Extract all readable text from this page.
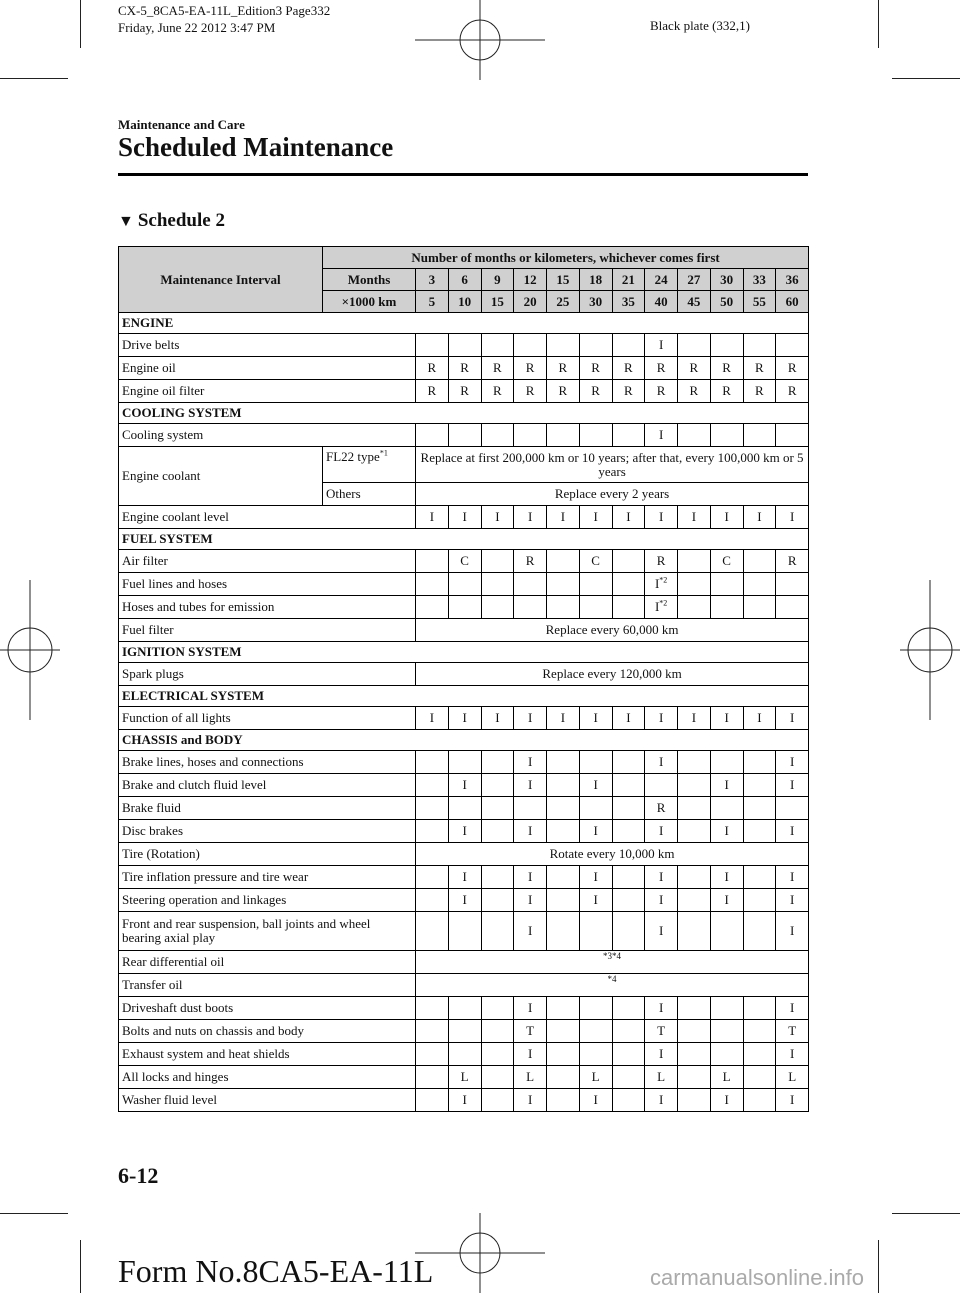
CX-5_8CA5-EA-11L_Edition3 Page332
Friday, June 22 2012 3:47 PM	Black plate (332,1)
Maintenance and Care
Scheduled Maintenance
▼ Schedule 2
Maintenance Interval	Number of months or kilometers, whichever comes first												
	Months	3	6	9	12	15	18	21	24	27	30	33	36
	×1000 km	5	10	15	20	25	30	35	40	45	50	55	60
ENGINE													
Drive belts									I				
Engine oil		R	R	R	R	R	R	R	R	R	R	R	R
Engine oil filter		R	R	R	R	R	R	R	R	R	R	R	R
COOLING SYSTEM													
Cooling system									I				
Engine coolant	FL22 type$^{*1}$	Replace at first 200,000 km or 10 years; after that, every 100,000 km or 5 years											
	Others	Replace every 2 years											
Engine coolant level		I	I	I	I	I	I	I	I	I	I	I	I
FUEL SYSTEM													
Air filter			C		R		C		R		C		R
Fuel lines and hoses									$I^{*2}$				
Hoses and tubes for emission									$I^{*2}$				
Fuel filter		Replace every 60,000 km											
IGNITION SYSTEM													
Spark plugs		Replace every 120,000 km											
ELECTRICAL SYSTEM													
Function of all lights		I	I	I	I	I	I	I	I	I	I	I	I
CHASSIS and BODY													
Brake lines, hoses and connections					I				I				I
Brake and clutch fluid level			I		I		I				I		I
Brake fluid									R				
Disc brakes			I		I		I		I		I		I
Tire (Rotation)		Rotate every 10,000 km											
Tire inflation pressure and tire wear			I		I		I		I		I		I
Steering operation and linkages			I		I		I		I		I		I
Front and rear suspension, ball joints and wheel bearing axial play					I				I				I
Rear differential oil		$^{*3*4}$
Transfer oil		$^{*4}$
Driveshaft dust boots					I				I				I
Bolts and nuts on chassis and body					T				T				T
Exhaust system and heat shields					I				I				I
All locks and hinges			L		L		L		L		L		L
Washer fluid level			I		I		I		I		I		I
6-12
Form No.8CA5-EA-11L	carmanualsonline.info
